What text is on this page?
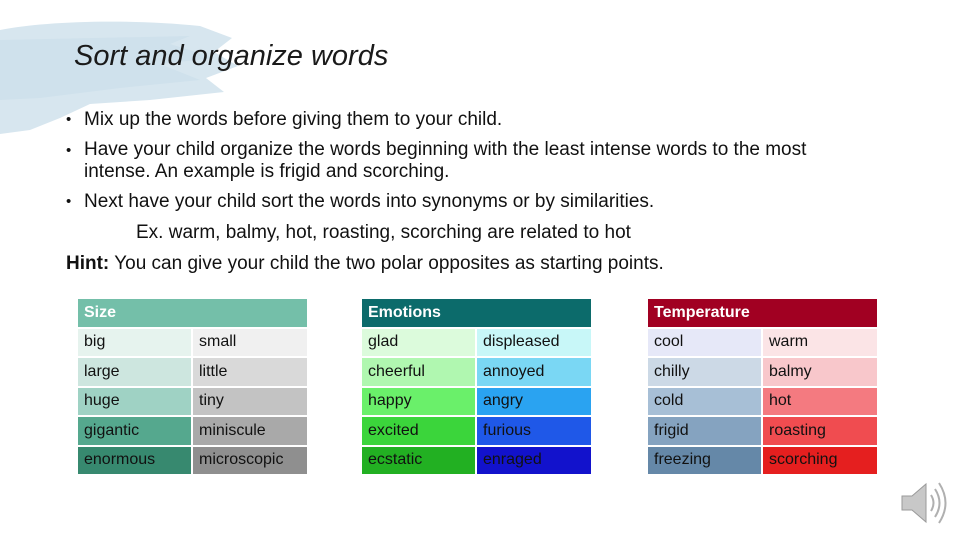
Sort and organize words
• Mix up the words before giving them to your child.
• Have your child organize the words beginning with the least intense words to the most intense. An example is frigid and scorching.
• Next have your child sort the words into synonyms or by similarities.
Ex. warm, balmy, hot, roasting, scorching are related to hot
Hint: You can give your child the two polar opposites as starting points.
Size	
big	small
large	little
huge	tiny
gigantic	miniscule
enormous	microscopic
Emotions	
glad	displeased
cheerful	annoyed
happy	angry
excited	furious
ecstatic	enraged
Temperature	
cool	warm
chilly	balmy
cold	hot
frigid	roasting
freezing	scorching
